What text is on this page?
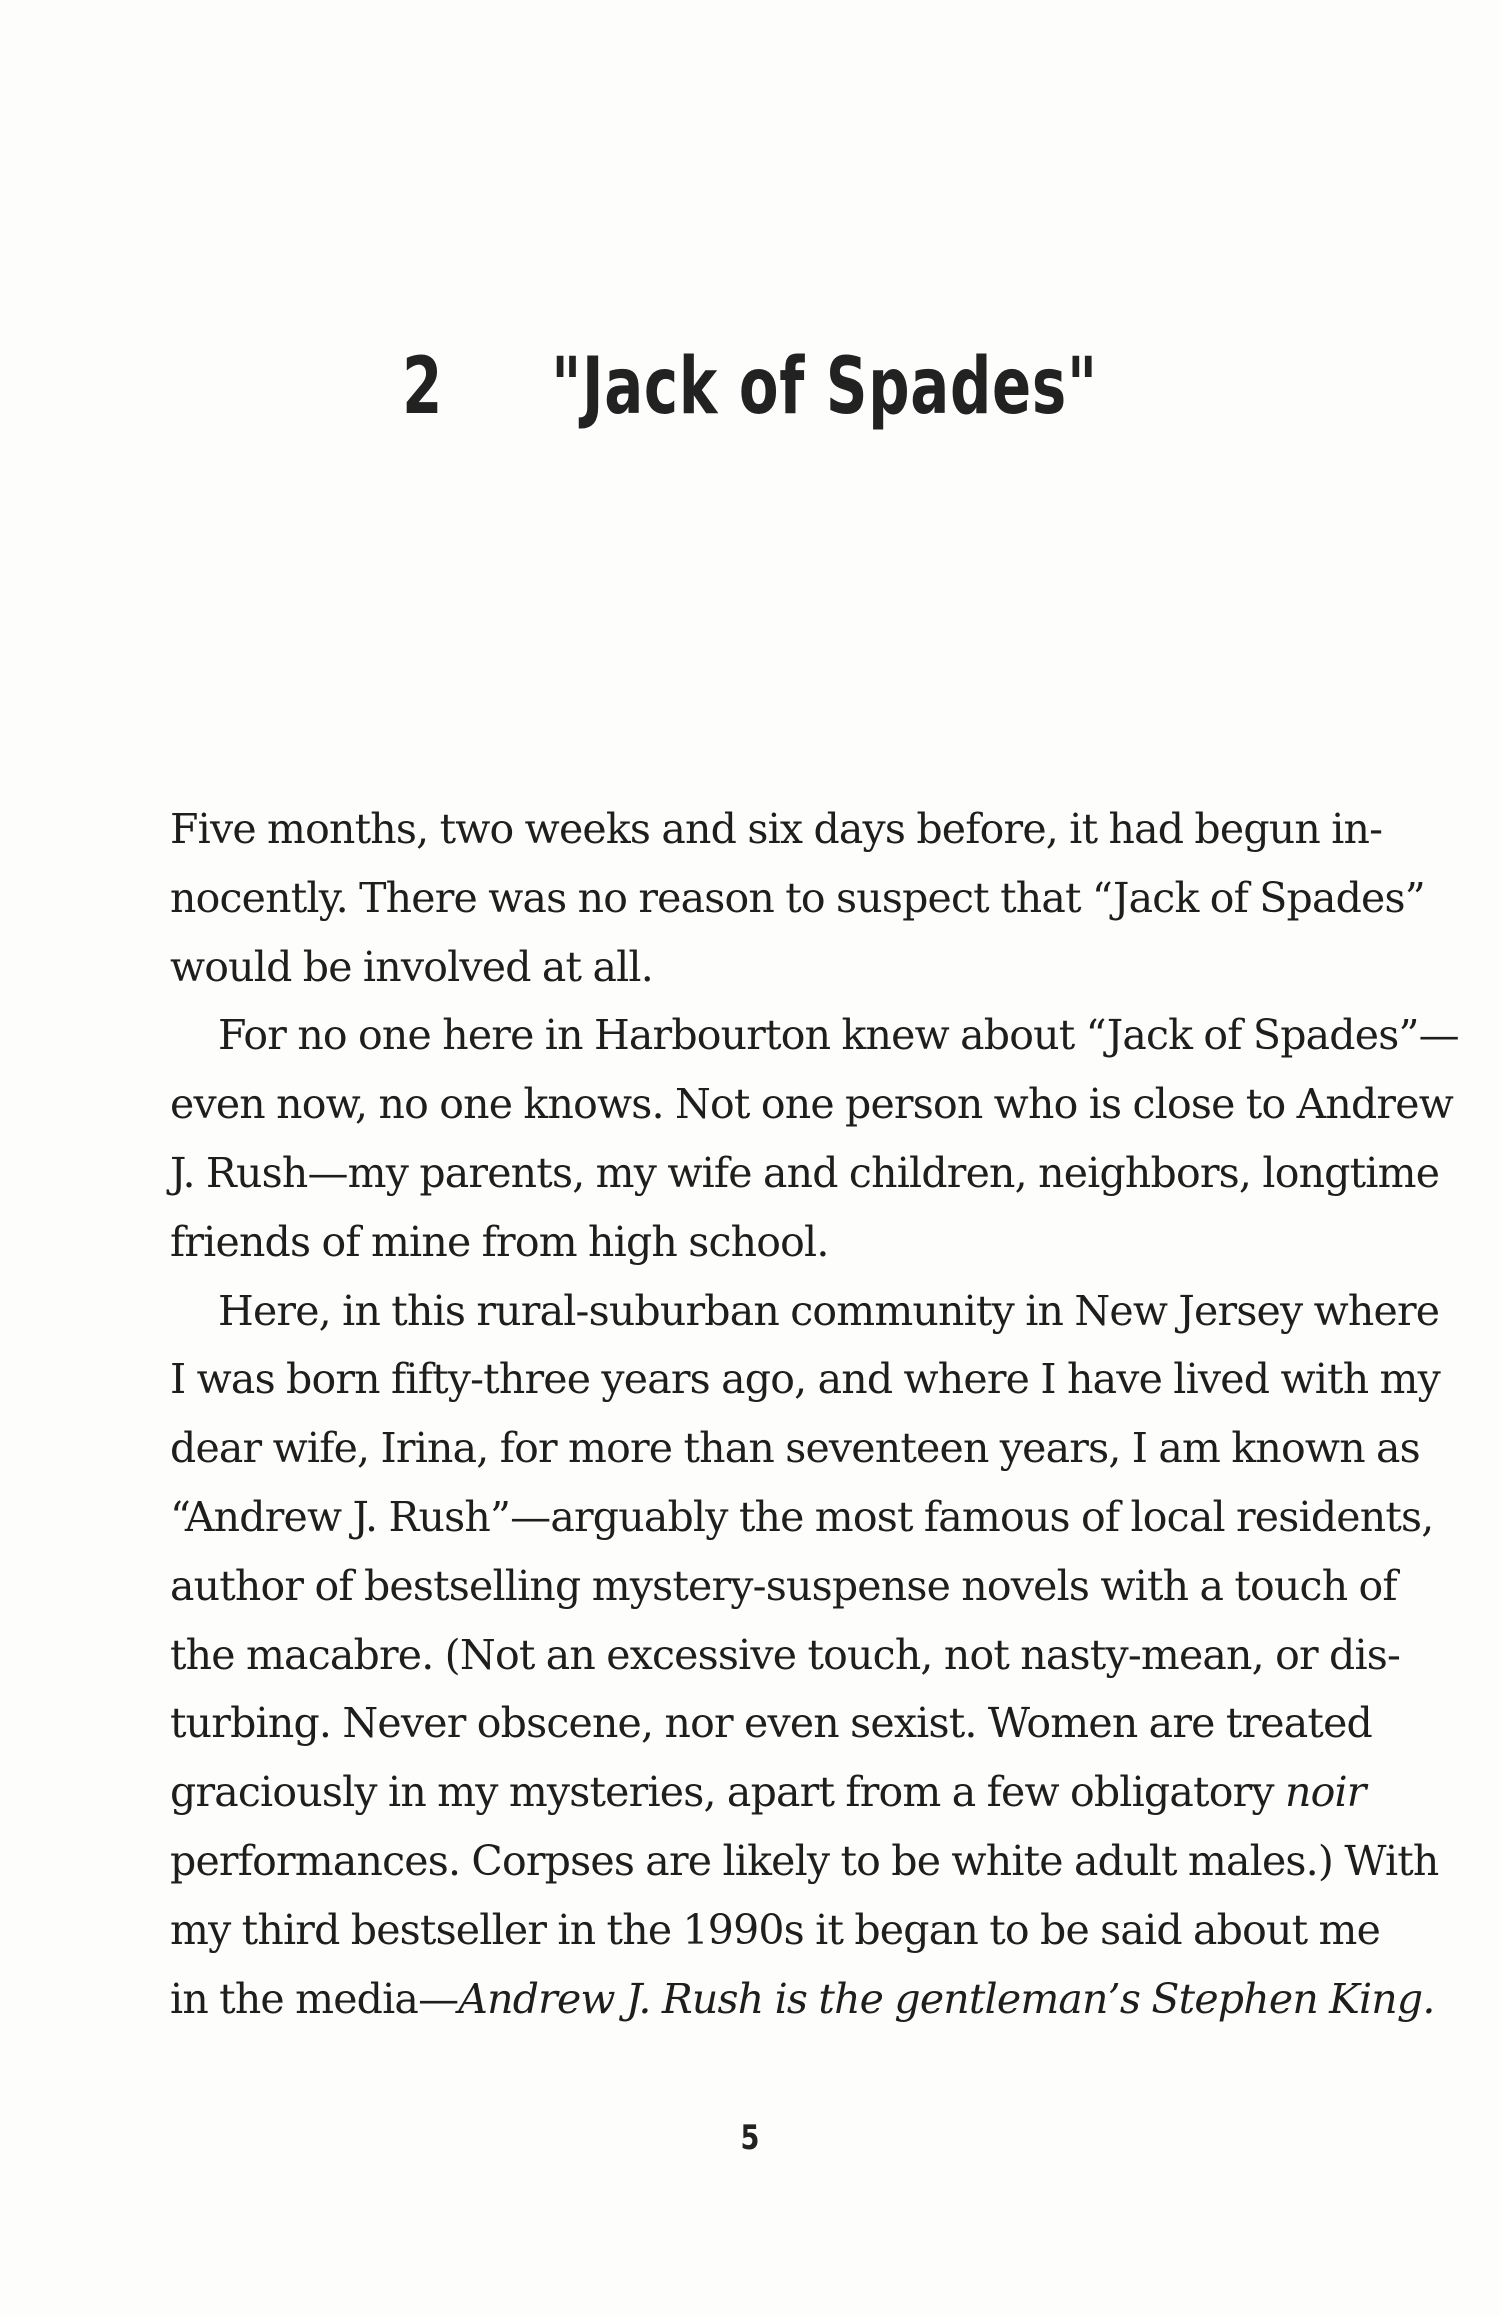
2 "Jack of Spades"
Five months, two weeks and six days before, it had begun in-
nocently. There was no reason to suspect that “Jack of Spades”
would be involved at all.
For no one here in Harbourton knew about “Jack of Spades”—
even now, no one knows. Not one person who is close to Andrew
J. Rush—my parents, my wife and children, neighbors, longtime
friends of mine from high school.
Here, in this rural-suburban community in New Jersey where
I was born fifty-three years ago, and where I have lived with my
dear wife, Irina, for more than seventeen years, I am known as
“Andrew J. Rush”—arguably the most famous of local residents,
author of bestselling mystery-suspense novels with a touch of
the macabre. (Not an excessive touch, not nasty-mean, or dis-
turbing. Never obscene, nor even sexist. Women are treated
graciously in my mysteries, apart from a few obligatory noir
performances. Corpses are likely to be white adult males.) With
my third bestseller in the 1990s it began to be said about me
in the media—Andrew J. Rush is the gentleman’s Stephen King.
5
